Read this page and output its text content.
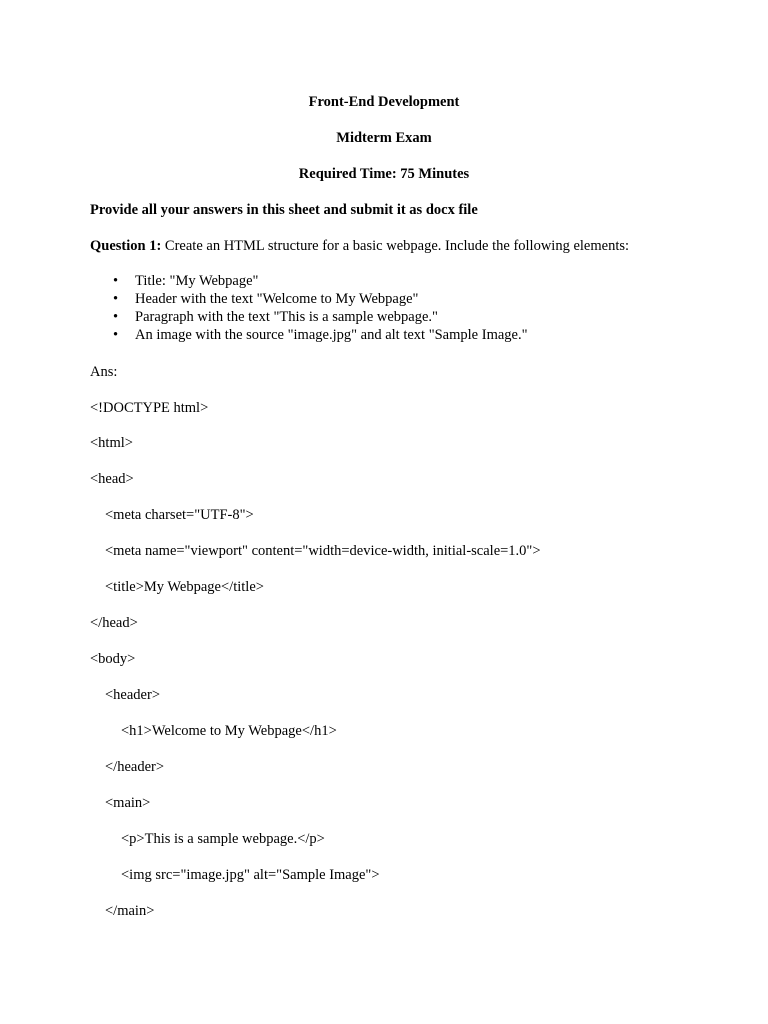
Front-End Development
Midterm Exam
Required Time: 75 Minutes
Provide all your answers in this sheet and submit it as docx file
Question 1: Create an HTML structure for a basic webpage. Include the following elements:
• Title: "My Webpage"
• Header with the text "Welcome to My Webpage"
• Paragraph with the text "This is a sample webpage."
• An image with the source "image.jpg" and alt text "Sample Image."
Ans:
<!DOCTYPE html>
<html>
<head>
<meta charset="UTF-8">
<meta name="viewport" content="width=device-width, initial-scale=1.0">
<title>My Webpage</title>
</head>
<body>
<header>
<h1>Welcome to My Webpage</h1>
</header>
<main>
<p>This is a sample webpage.</p>
<img src="image.jpg" alt="Sample Image">
</main>
